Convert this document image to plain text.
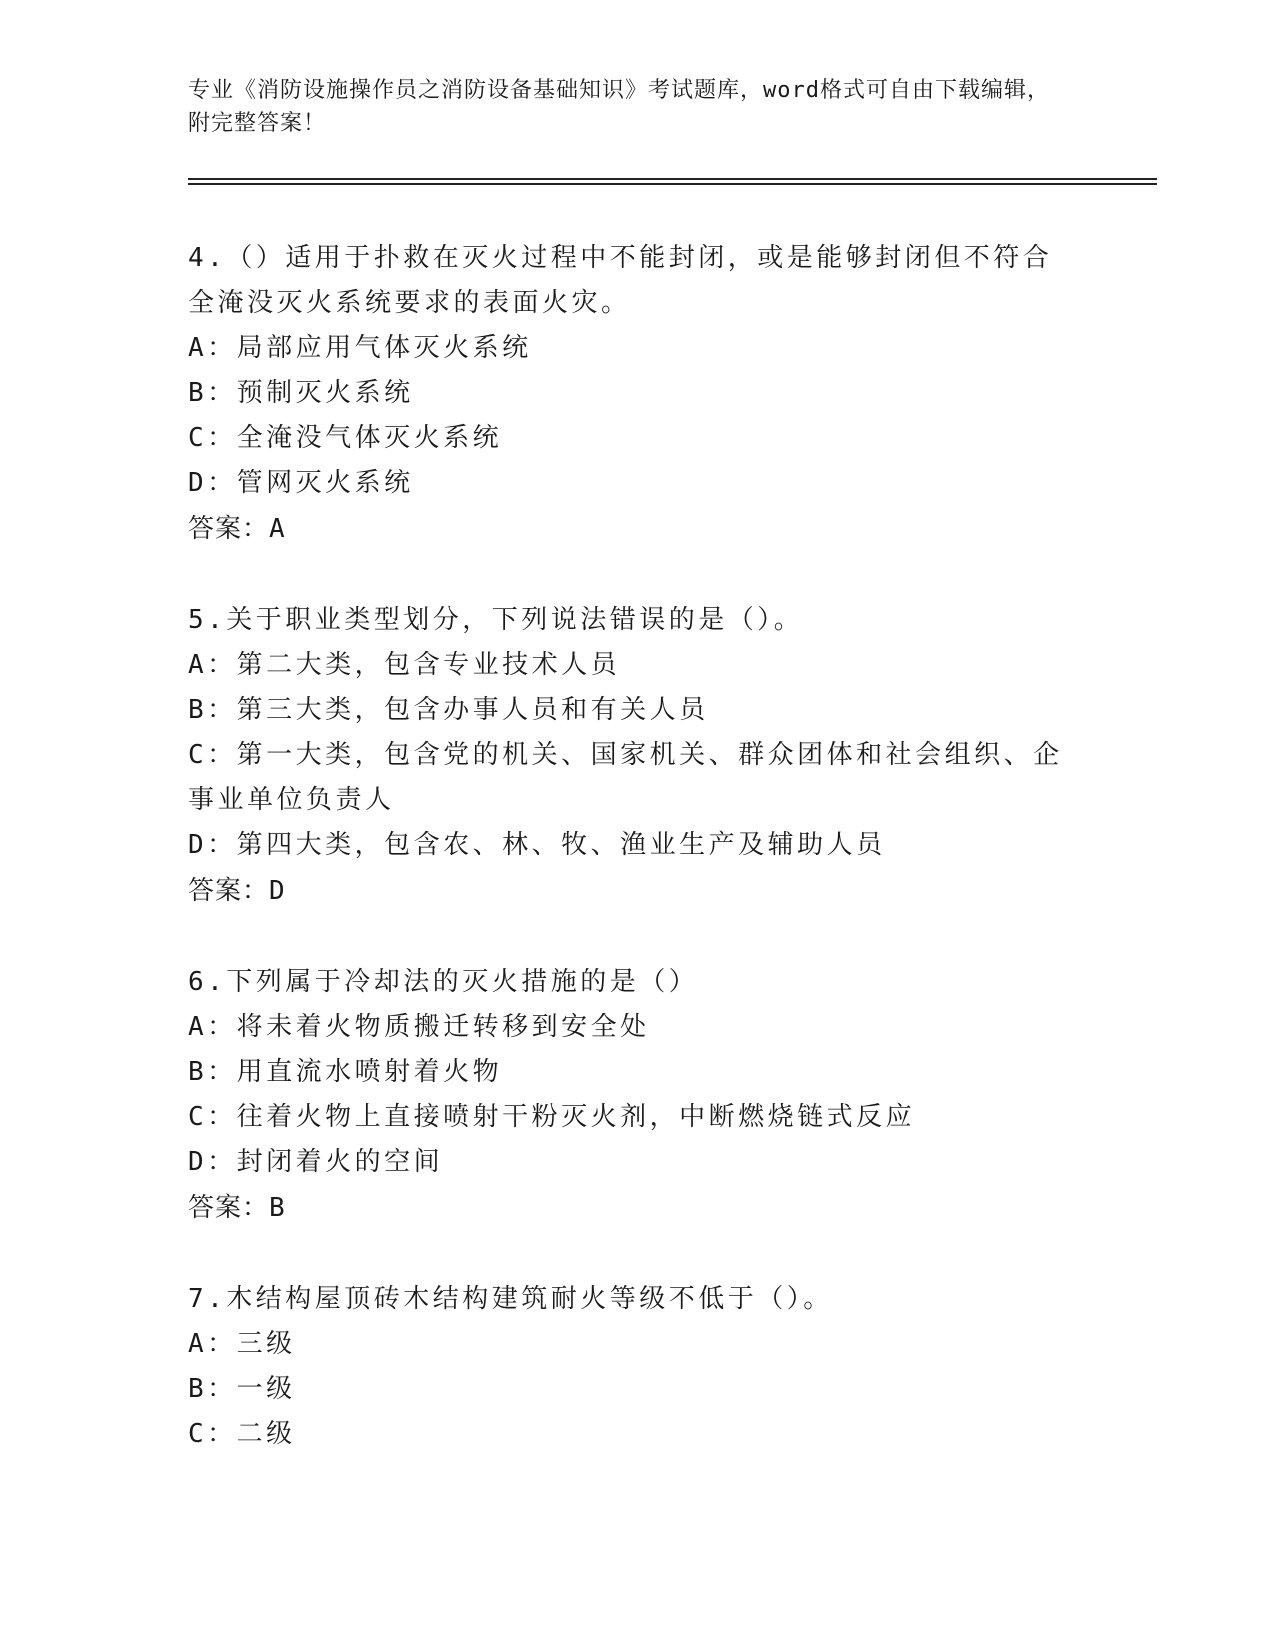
专业《消防设施操作员之消防设备基础知识》考试题库，word格式可自由下载编辑，附完整答案！

4.（）适用于扑救在灭火过程中不能封闭，或是能够封闭但不符合全淹没灭火系统要求的表面火灾。

A：局部应用气体灭火系统

B：预制灭火系统

C：全淹没气体灭火系统

D：管网灭火系统

答案：A

5.关于职业类型划分，下列说法错误的是（）。

A：第二大类，包含专业技术人员

B：第三大类，包含办事人员和有关人员

C：第一大类，包含党的机关、国家机关、群众团体和社会组织、企事业单位负责人

D：第四大类，包含农、林、牧、渔业生产及辅助人员

答案：D

6.下列属于冷却法的灭火措施的是（）

A：将未着火物质搬迁转移到安全处

B：用直流水喷射着火物

C：往着火物上直接喷射干粉灭火剂，中断燃烧链式反应

D：封闭着火的空间

答案：B

7.木结构屋顶砖木结构建筑耐火等级不低于（）。

A：三级

B：一级

C：二级
